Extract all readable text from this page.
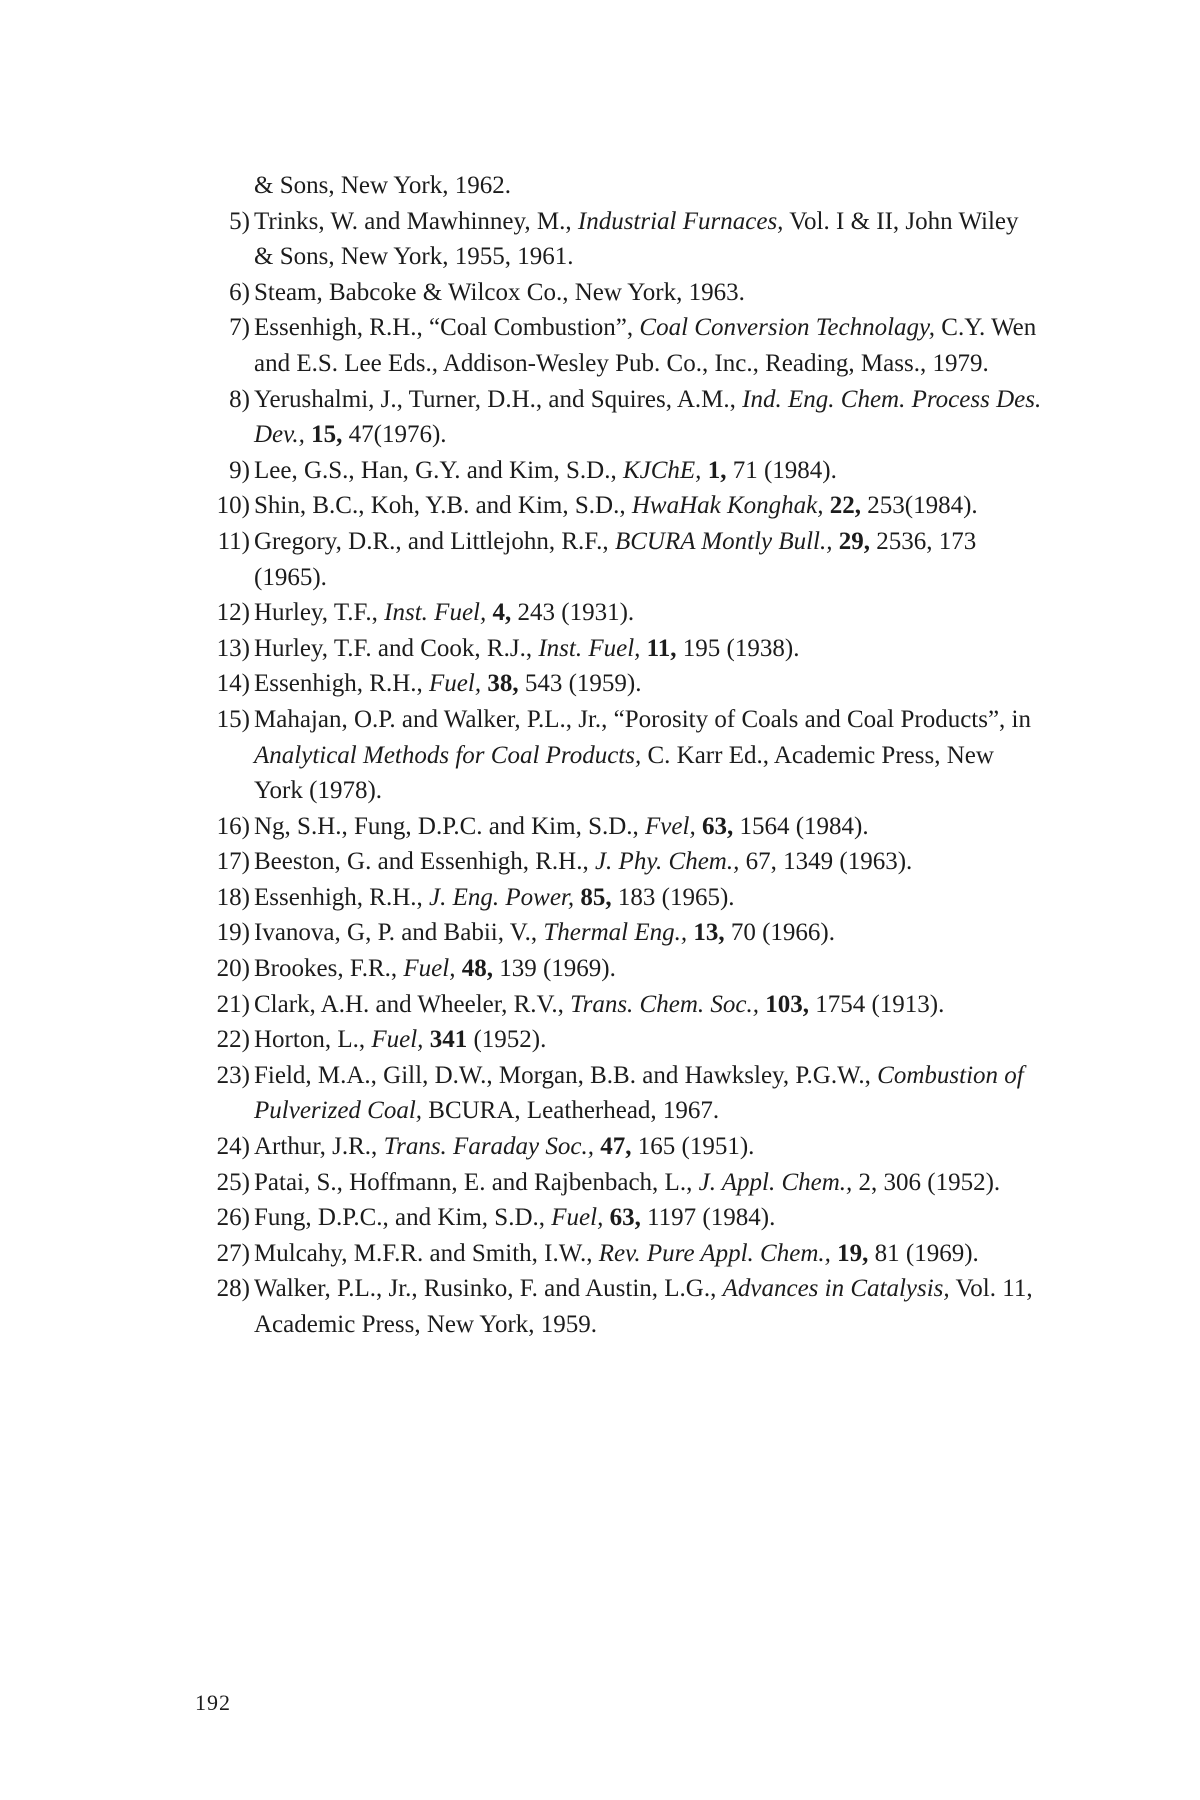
& Sons, New York, 1962.
5) Trinks, W. and Mawhinney, M., Industrial Furnaces, Vol. I & II, John Wiley & Sons, New York, 1955, 1961.
6) Steam, Babcoke & Wilcox Co., New York, 1963.
7) Essenhigh, R.H., “Coal Combustion”, Coal Conversion Technolagy, C.Y. Wen and E.S. Lee Eds., Addison-Wesley Pub. Co., Inc., Reading, Mass., 1979.
8) Yerushalmi, J., Turner, D.H., and Squires, A.M., Ind. Eng. Chem. Process Des. Dev., 15, 47(1976).
9) Lee, G.S., Han, G.Y. and Kim, S.D., KJChE, 1, 71 (1984).
10) Shin, B.C., Koh, Y.B. and Kim, S.D., HwaHak Konghak, 22, 253(1984).
11) Gregory, D.R., and Littlejohn, R.F., BCURA Montly Bull., 29, 2536, 173 (1965).
12) Hurley, T.F., Inst. Fuel, 4, 243 (1931).
13) Hurley, T.F. and Cook, R.J., Inst. Fuel, 11, 195 (1938).
14) Essenhigh, R.H., Fuel, 38, 543 (1959).
15) Mahajan, O.P. and Walker, P.L., Jr., “Porosity of Coals and Coal Products”, in Analytical Methods for Coal Products, C. Karr Ed., Academic Press, New York (1978).
16) Ng, S.H., Fung, D.P.C. and Kim, S.D., Fvel, 63, 1564 (1984).
17) Beeston, G. and Essenhigh, R.H., J. Phy. Chem., 67, 1349 (1963).
18) Essenhigh, R.H., J. Eng. Power, 85, 183 (1965).
19) Ivanova, G, P. and Babii, V., Thermal Eng., 13, 70 (1966).
20) Brookes, F.R., Fuel, 48, 139 (1969).
21) Clark, A.H. and Wheeler, R.V., Trans. Chem. Soc., 103, 1754 (1913).
22) Horton, L., Fuel, 341 (1952).
23) Field, M.A., Gill, D.W., Morgan, B.B. and Hawksley, P.G.W., Combustion of Pulverized Coal, BCURA, Leatherhead, 1967.
24) Arthur, J.R., Trans. Faraday Soc., 47, 165 (1951).
25) Patai, S., Hoffmann, E. and Rajbenbach, L., J. Appl. Chem., 2, 306 (1952).
26) Fung, D.P.C., and Kim, S.D., Fuel, 63, 1197 (1984).
27) Mulcahy, M.F.R. and Smith, I.W., Rev. Pure Appl. Chem., 19, 81 (1969).
28) Walker, P.L., Jr., Rusinko, F. and Austin, L.G., Advances in Catalysis, Vol. 11, Academic Press, New York, 1959.
192
